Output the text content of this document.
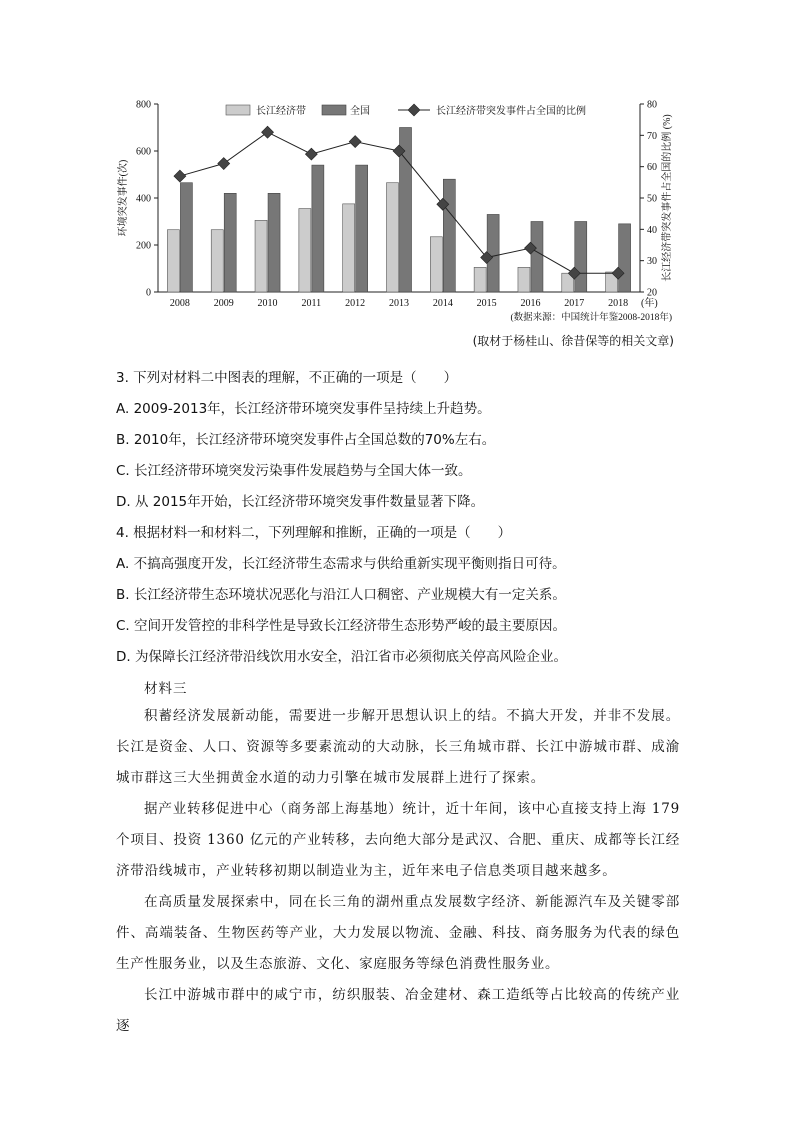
长江经济带	全国	长江经济带突发事件占全国的比例
0
200
400
600
800
20
30
40
50
60
70
80
2008 2009 2010 2011 2012 2013 2014 2015 2016 2017 2018 (年)
(数据来源：中国统计年鉴2008-2018年)
环境突发事件(次)	长江经济带突发事件占全国的比例 (%)
(取材于杨桂山、徐昔保等的相关文章)
3. 下列对材料二中图表的理解，不正确的一项是（　　）
A. 2009-2013年，长江经济带环境突发事件呈持续上升趋势。
B. 2010年，长江经济带环境突发事件占全国总数的70%左右。
C. 长江经济带环境突发污染事件发展趋势与全国大体一致。
D. 从 2015年开始，长江经济带环境突发事件数量显著下降。
4. 根据材料一和材料二，下列理解和推断，正确的一项是（　　）
A. 不搞高强度开发，长江经济带生态需求与供给重新实现平衡则指日可待。
B. 长江经济带生态环境状况恶化与沿江人口稠密、产业规模大有一定关系。
C. 空间开发管控的非科学性是导致长江经济带生态形势严峻的最主要原因。
D. 为保障长江经济带沿线饮用水安全，沿江省市必须彻底关停高风险企业。
材料三
积蓄经济发展新动能，需要进一步解开思想认识上的结。不搞大开发，并非不发展。长江是资金、人口、资源等多要素流动的大动脉，长三角城市群、长江中游城市群、成渝城市群这三大坐拥黄金水道的动力引擎在城市发展群上进行了探索。
据产业转移促进中心（商务部上海基地）统计，近十年间，该中心直接支持上海 179 个项目、投资 1360 亿元的产业转移，去向绝大部分是武汉、合肥、重庆、成都等长江经济带沿线城市，产业转移初期以制造业为主，近年来电子信息类项目越来越多。
在高质量发展探索中，同在长三角的湖州重点发展数字经济、新能源汽车及关键零部件、高端装备、生物医药等产业，大力发展以物流、金融、科技、商务服务为代表的绿色生产性服务业，以及生态旅游、文化、家庭服务等绿色消费性服务业。
长江中游城市群中的咸宁市，纺织服装、冶金建材、森工造纸等占比较高的传统产业逐
